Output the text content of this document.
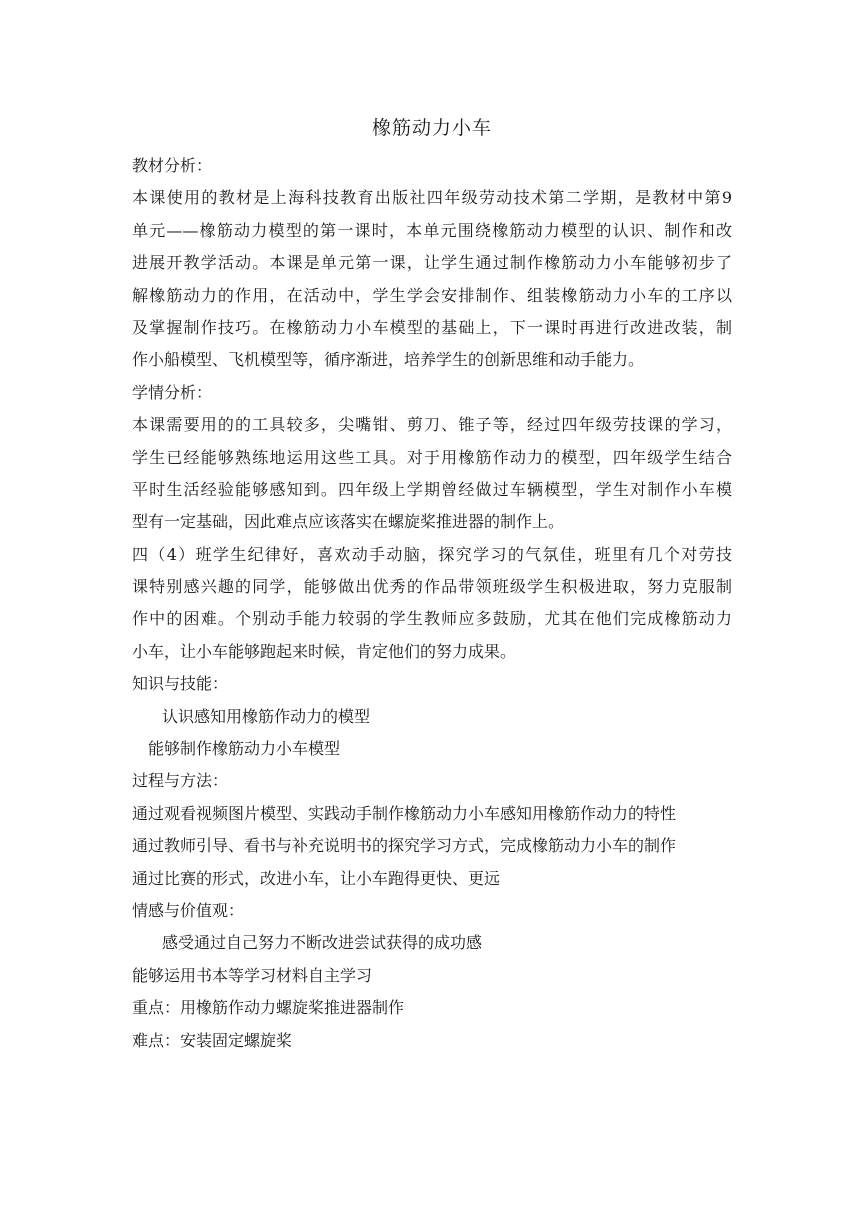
橡筋动力小车
教材分析：
本课使用的教材是上海科技教育出版社四年级劳动技术第二学期，是教材中第9
单元——橡筋动力模型的第一课时，本单元围绕橡筋动力模型的认识、制作和改
进展开教学活动。本课是单元第一课，让学生通过制作橡筋动力小车能够初步了
解橡筋动力的作用，在活动中，学生学会安排制作、组装橡筋动力小车的工序以
及掌握制作技巧。在橡筋动力小车模型的基础上，下一课时再进行改进改装，制
作小船模型、飞机模型等，循序渐进，培养学生的创新思维和动手能力。
学情分析：
本课需要用的的工具较多，尖嘴钳、剪刀、锥子等，经过四年级劳技课的学习，
学生已经能够熟练地运用这些工具。对于用橡筋作动力的模型，四年级学生结合
平时生活经验能够感知到。四年级上学期曾经做过车辆模型，学生对制作小车模
型有一定基础，因此难点应该落实在螺旋桨推进器的制作上。
四（4）班学生纪律好，喜欢动手动脑，探究学习的气氛佳，班里有几个对劳技
课特别感兴趣的同学，能够做出优秀的作品带领班级学生积极进取，努力克服制
作中的困难。个别动手能力较弱的学生教师应多鼓励，尤其在他们完成橡筋动力
小车，让小车能够跑起来时候，肯定他们的努力成果。
知识与技能：
认识感知用橡筋作动力的模型
能够制作橡筋动力小车模型
过程与方法：
通过观看视频图片模型、实践动手制作橡筋动力小车感知用橡筋作动力的特性
通过教师引导、看书与补充说明书的探究学习方式，完成橡筋动力小车的制作
通过比赛的形式，改进小车，让小车跑得更快、更远
情感与价值观：
感受通过自己努力不断改进尝试获得的成功感
能够运用书本等学习材料自主学习
重点：用橡筋作动力螺旋桨推进器制作
难点：安装固定螺旋桨
